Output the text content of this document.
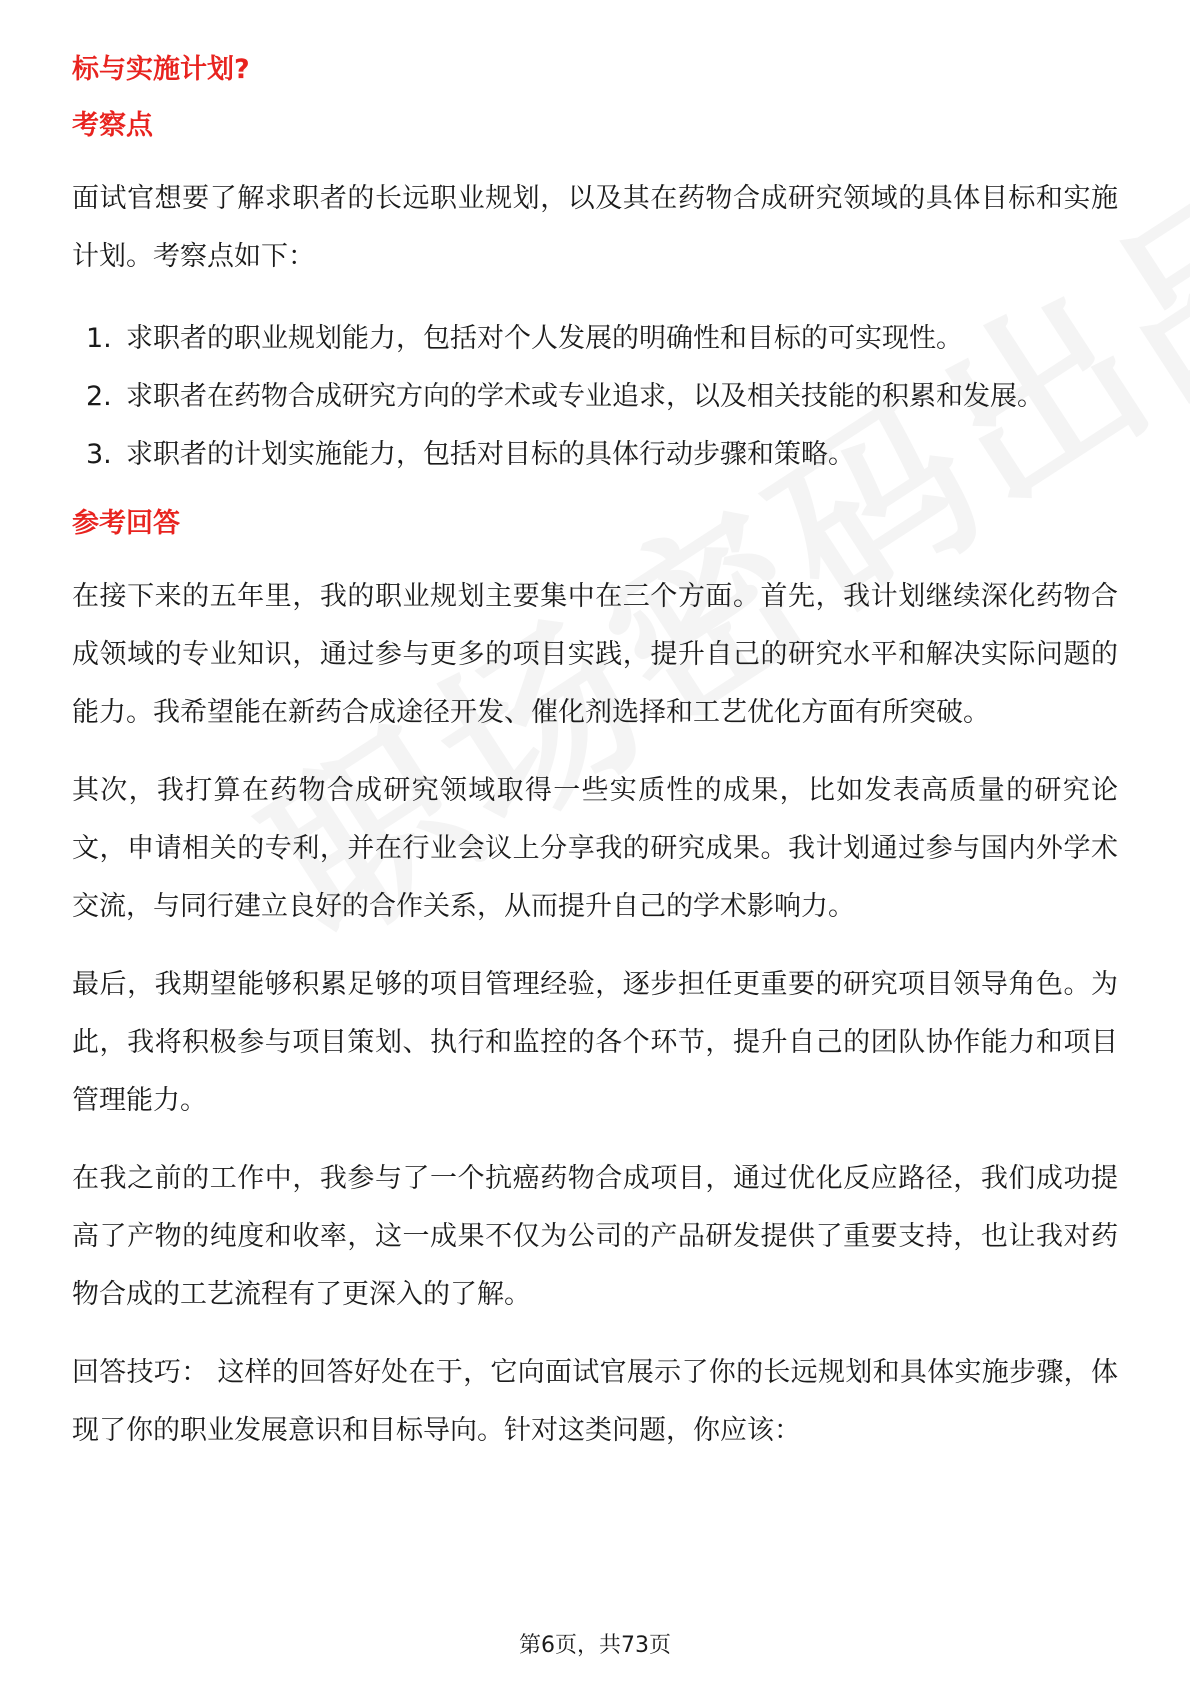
标与实施计划?
考察点

面试官想要了解求职者的长远职业规划，以及其在药物合成研究领域的具体目标和实施计划。考察点如下：

1. 求职者的职业规划能力，包括对个人发展的明确性和目标的可实现性。
2. 求职者在药物合成研究方向的学术或专业追求，以及相关技能的积累和发展。
3. 求职者的计划实施能力，包括对目标的具体行动步骤和策略。
参考回答

在接下来的五年里，我的职业规划主要集中在三个方面。首先，我计划继续深化药物合成领域的专业知识，通过参与更多的项目实践，提升自己的研究水平和解决实际问题的能力。我希望能在新药合成途径开发、催化剂选择和工艺优化方面有所突破。

其次，我打算在药物合成研究领域取得一些实质性的成果，比如发表高质量的研究论文，申请相关的专利，并在行业会议上分享我的研究成果。我计划通过参与国内外学术交流，与同行建立良好的合作关系，从而提升自己的学术影响力。

最后，我期望能够积累足够的项目管理经验，逐步担任更重要的研究项目领导角色。为此，我将积极参与项目策划、执行和监控的各个环节，提升自己的团队协作能力和项目管理能力。

在我之前的工作中，我参与了一个抗癌药物合成项目，通过优化反应路径，我们成功提高了产物的纯度和收率，这一成果不仅为公司的产品研发提供了重要支持，也让我对药物合成的工艺流程有了更深入的了解。

回答技巧： 这样的回答好处在于，它向面试官展示了你的长远规划和具体实施步骤，体现了你的职业发展意识和目标导向。针对这类问题，你应该：

第6页，共73页
